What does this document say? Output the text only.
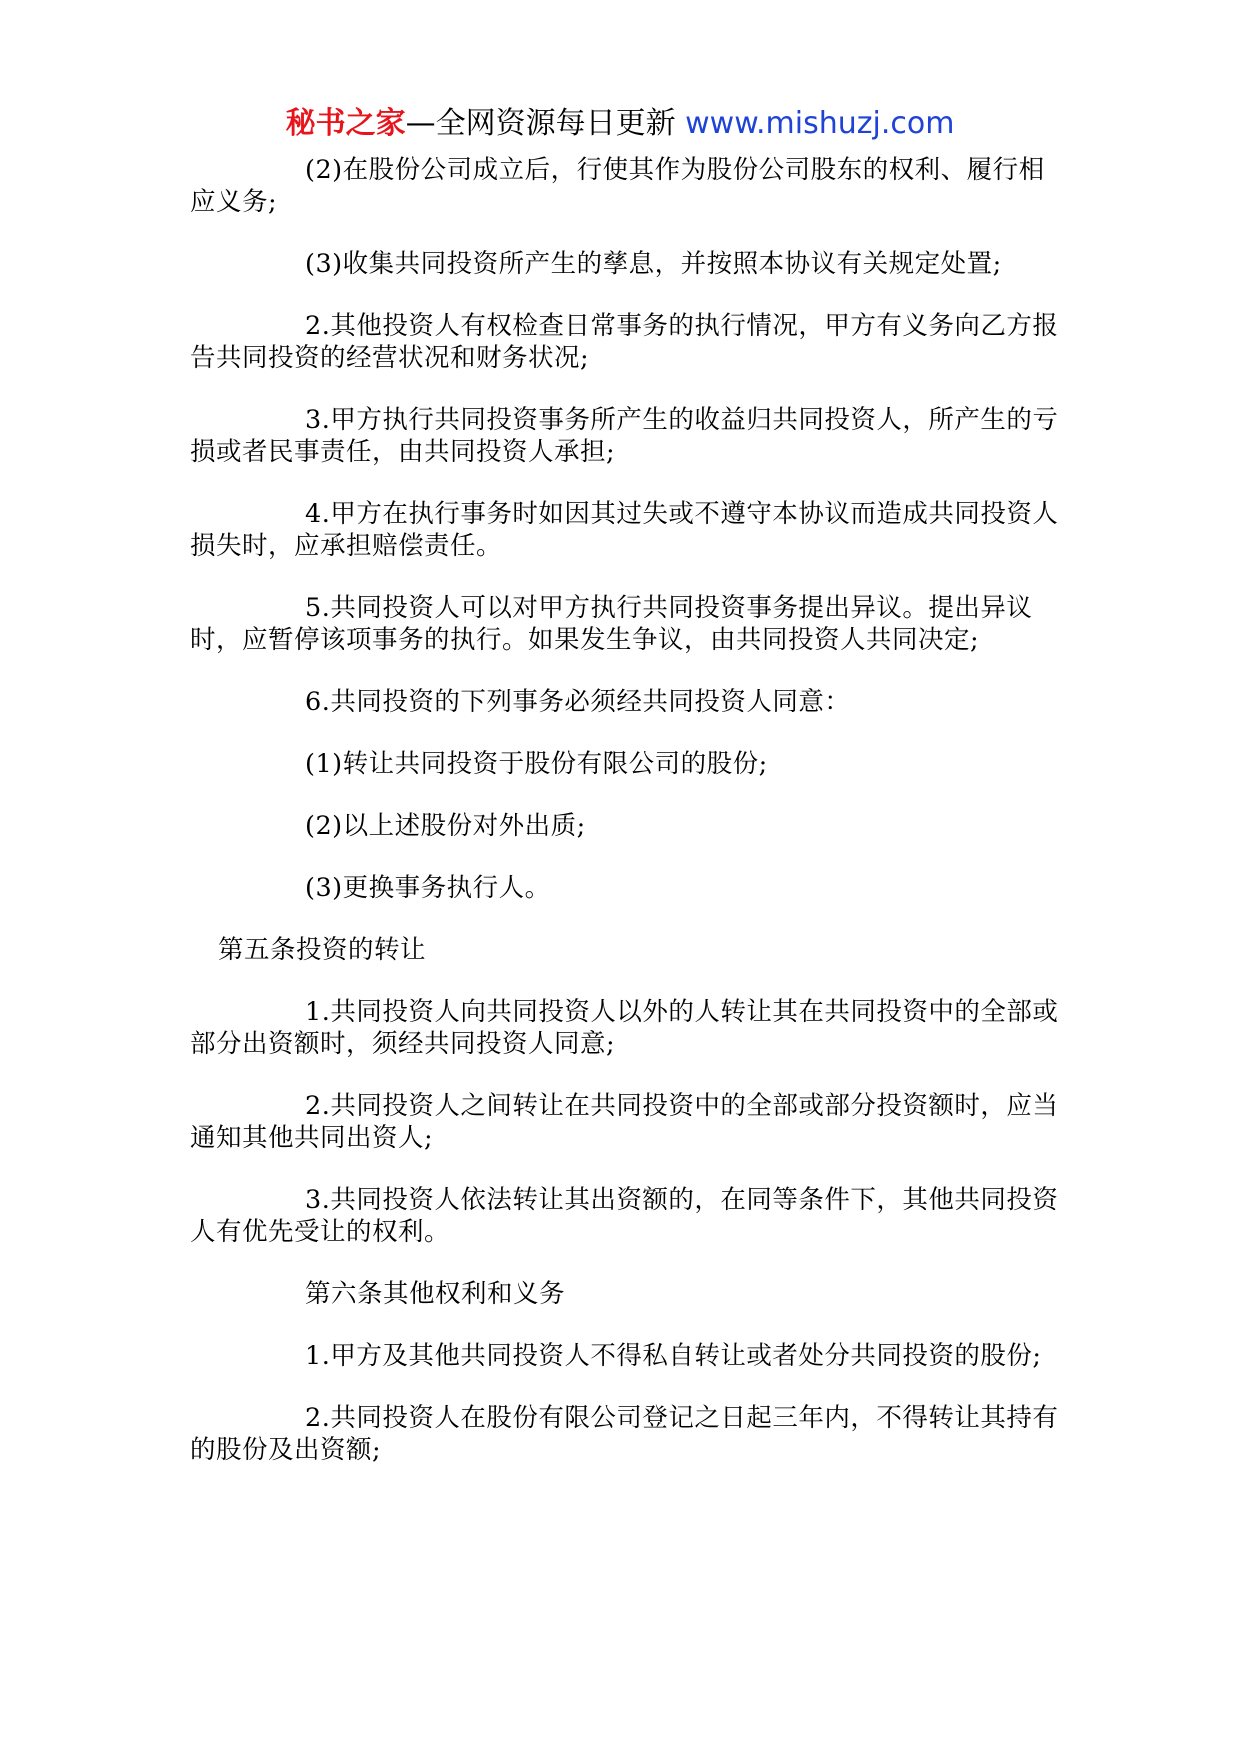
秘书之家—全网资源每日更新 www.mishuzj.com

(2)在股份公司成立后，行使其作为股份公司股东的权利、履行相应义务;

(3)收集共同投资所产生的孳息，并按照本协议有关规定处置;

2.其他投资人有权检查日常事务的执行情况，甲方有义务向乙方报告共同投资的经营状况和财务状况;

3.甲方执行共同投资事务所产生的收益归共同投资人，所产生的亏损或者民事责任，由共同投资人承担;

4.甲方在执行事务时如因其过失或不遵守本协议而造成共同投资人损失时，应承担赔偿责任。

5.共同投资人可以对甲方执行共同投资事务提出异议。提出异议时，应暂停该项事务的执行。如果发生争议，由共同投资人共同决定;

6.共同投资的下列事务必须经共同投资人同意：

(1)转让共同投资于股份有限公司的股份;

(2)以上述股份对外出质;

(3)更换事务执行人。

第五条投资的转让

1.共同投资人向共同投资人以外的人转让其在共同投资中的全部或部分出资额时，须经共同投资人同意;

2.共同投资人之间转让在共同投资中的全部或部分投资额时，应当通知其他共同出资人;

3.共同投资人依法转让其出资额的，在同等条件下，其他共同投资人有优先受让的权利。

第六条其他权利和义务

1.甲方及其他共同投资人不得私自转让或者处分共同投资的股份;

2.共同投资人在股份有限公司登记之日起三年内，不得转让其持有的股份及出资额;
